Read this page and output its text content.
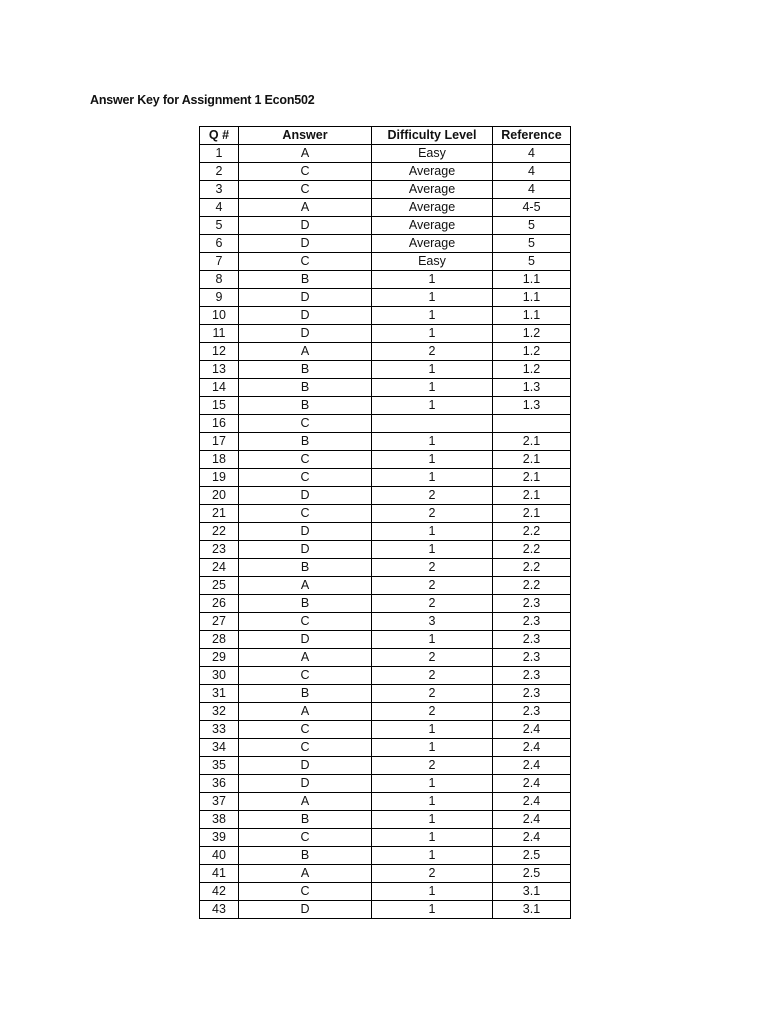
Answer Key for Assignment 1 Econ502
Q #	Answer	Difficulty Level	Reference
1	A	Easy	4
2	C	Average	4
3	C	Average	4
4	A	Average	4-5
5	D	Average	5
6	D	Average	5
7	C	Easy	5
8	B	1	1.1
9	D	1	1.1
10	D	1	1.1
11	D	1	1.2
12	A	2	1.2
13	B	1	1.2
14	B	1	1.3
15	B	1	1.3
16	C		
17	B	1	2.1
18	C	1	2.1
19	C	1	2.1
20	D	2	2.1
21	C	2	2.1
22	D	1	2.2
23	D	1	2.2
24	B	2	2.2
25	A	2	2.2
26	B	2	2.3
27	C	3	2.3
28	D	1	2.3
29	A	2	2.3
30	C	2	2.3
31	B	2	2.3
32	A	2	2.3
33	C	1	2.4
34	C	1	2.4
35	D	2	2.4
36	D	1	2.4
37	A	1	2.4
38	B	1	2.4
39	C	1	2.4
40	B	1	2.5
41	A	2	2.5
42	C	1	3.1
43	D	1	3.1
